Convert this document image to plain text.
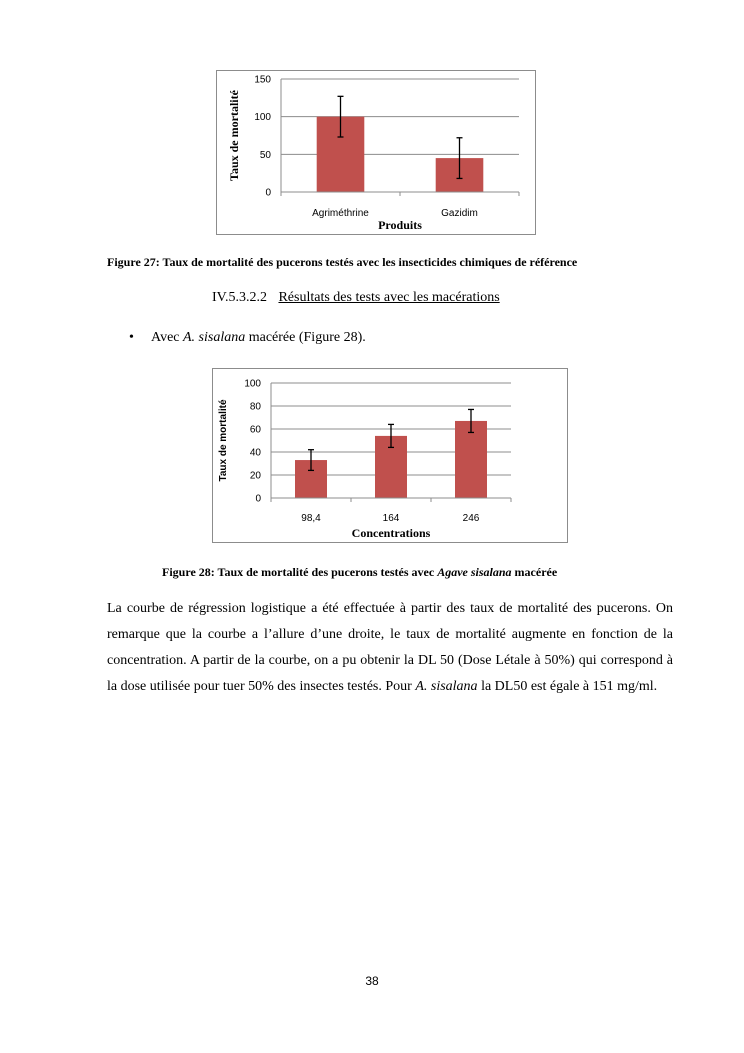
0
50
100
150
Agriméthrine	Gazidim
Produits
Taux de mortalité
Figure 27: Taux de mortalité des pucerons testés avec les insecticides chimiques de référence
IV.5.3.2.2 Résultats des tests avec les macérations
• Avec A. sisalana macérée (Figure 28).
0
20
40
60
80
100
98,4	164	246
Concentrations
Taux de mortalité
Figure 28: Taux de mortalité des pucerons testés avec Agave sisalana macérée
La courbe de régression logistique a été effectuée à partir des taux de mortalité des pucerons. On remarque que la courbe a l’allure d’une droite, le taux de mortalité augmente en fonction de la concentration. A partir de la courbe, on a pu obtenir la DL 50 (Dose Létale à 50%) qui correspond à la dose utilisée pour tuer 50% des insectes testés. Pour A. sisalana la DL50 est égale à 151 mg/ml.
38
